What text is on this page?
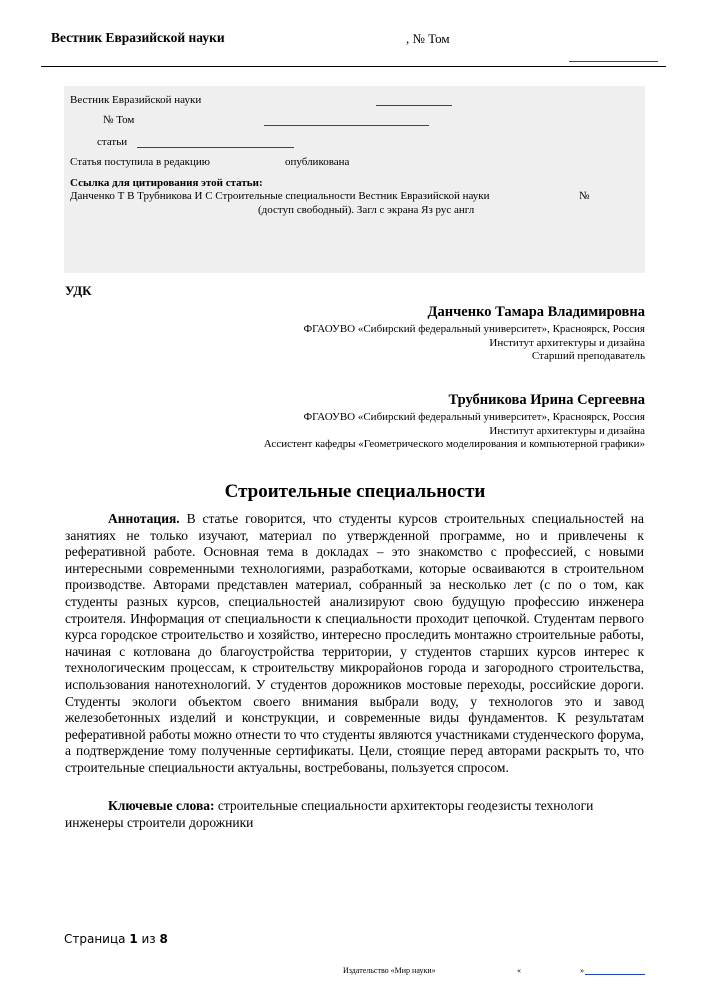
Вестник Евразийской науки	, № Том
Вестник Евразийской науки
№ Том
статьи
Статья поступила в редакцию	опубликована
Ссылка для цитирования этой статьи:
Данченко Т В Трубникова И С Строительные специальности Вестник Евразийской науки	№
(доступ свободный). Загл с экрана Яз рус англ
УДК
Данченко Тамара Владимировна
ФГАОУВО «Сибирский федеральный университет», Красноярск, Россия
Институт архитектуры и дизайна
Старший преподаватель
Трубникова Ирина Сергеевна
ФГАОУВО «Сибирский федеральный университет», Красноярск, Россия
Институт архитектуры и дизайна
Ассистент кафедры «Геометрического моделирования и компьютерной графики»
Строительные специальности

Аннотация. В статье говорится, что студенты курсов строительных специальностей на занятиях не только изучают, материал по утвержденной программе, но и привлечены к реферативной работе. Основная тема в докладах – это знакомство с профессией, с новыми интересными современными технологиями, разработками, которые осваиваются в строительном производстве. Авторами представлен материал, собранный за несколько лет (с по о том, как студенты разных курсов, специальностей анализируют свою будущую профессию инженера строителя. Информация от специальности к специальности проходит цепочкой. Студентам первого курса городское строительство и хозяйство, интересно проследить монтажно строительные работы, начиная с котлована до благоустройства территории, у студентов старших курсов интерес к технологическим процессам, к строительству микрорайонов города и загородного строительства, использования нанотехнологий. У студентов дорожников мостовые переходы, российские дороги. Студенты экологи объектом своего внимания выбрали воду, у технологов это и завод железобетонных изделий и конструкции, и современные виды фундаментов. К результатам реферативной работы можно отнести то что студенты являются участниками студенческого форума, а подтверждение тому полученные сертификаты. Цели, стоящие перед авторами раскрыть то, что строительные специальности актуальны, востребованы, пользуется спросом.

Ключевые слова: строительные специальности архитекторы геодезисты технологи инженеры строители дорожники

Страница 1 из 8
Издательство «Мир науки»	«	»
